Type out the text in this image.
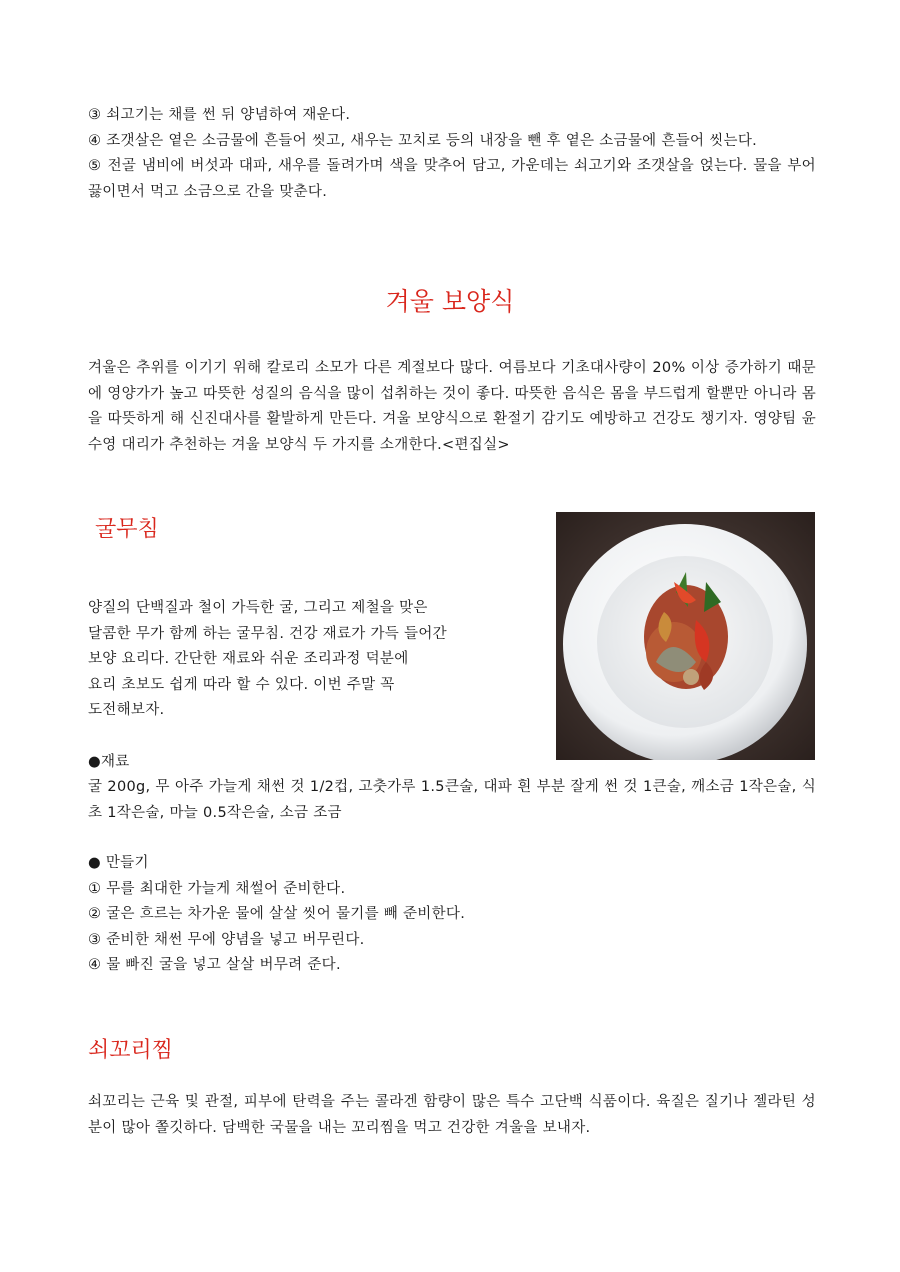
③ 쇠고기는 채를 썬 뒤 양념하여 재운다.
④ 조갯살은 옅은 소금물에 흔들어 씻고, 새우는 꼬치로 등의 내장을 뺀 후 옅은 소금물에 흔들어 씻는다.
⑤ 전골 냄비에 버섯과 대파, 새우를 돌려가며 색을 맞추어 담고, 가운데는 쇠고기와 조갯살을 얹는다. 물을 부어 끓이면서 먹고 소금으로 간을 맞춘다.
겨울 보양식

겨울은 추위를 이기기 위해 칼로리 소모가 다른 계절보다 많다. 여름보다 기초대사량이 20% 이상 증가하기 때문에 영양가가 높고 따뜻한 성질의 음식을 많이 섭취하는 것이 좋다. 따뜻한 음식은 몸을 부드럽게 할뿐만 아니라 몸을 따뜻하게 해 신진대사를 활발하게 만든다. 겨울 보양식으로 환절기 감기도 예방하고 건강도 챙기자. 영양팀 윤수영 대리가 추천하는 겨울 보양식 두 가지를 소개한다.<편집실>

굴무침
양질의 단백질과 철이 가득한 굴, 그리고 제철을 맞은
달콤한 무가 함께 하는 굴무침. 건강 재료가 가득 들어간
보양 요리다. 간단한 재료와 쉬운 조리과정 덕분에
요리 초보도 쉽게 따라 할 수 있다. 이번 주말 꼭
도전해보자.
●재료

굴 200g, 무 아주 가늘게 채썬 것 1/2컵, 고춧가루 1.5큰술, 대파 흰 부분 잘게 썬 것 1큰술, 깨소금 1작은술, 식초 1작은술, 마늘 0.5작은술, 소금 조금

● 만들기
① 무를 최대한 가늘게 채썰어 준비한다.
② 굴은 흐르는 차가운 물에 살살 씻어 물기를 빼 준비한다.
③ 준비한 채썬 무에 양념을 넣고 버무린다.
④ 물 빠진 굴을 넣고 살살 버무려 준다.
쇠꼬리찜

쇠꼬리는 근육 및 관절, 피부에 탄력을 주는 콜라겐 함량이 많은 특수 고단백 식품이다. 육질은 질기나 젤라틴 성분이 많아 쫄깃하다. 담백한 국물을 내는 꼬리찜을 먹고 건강한 겨울을 보내자.
